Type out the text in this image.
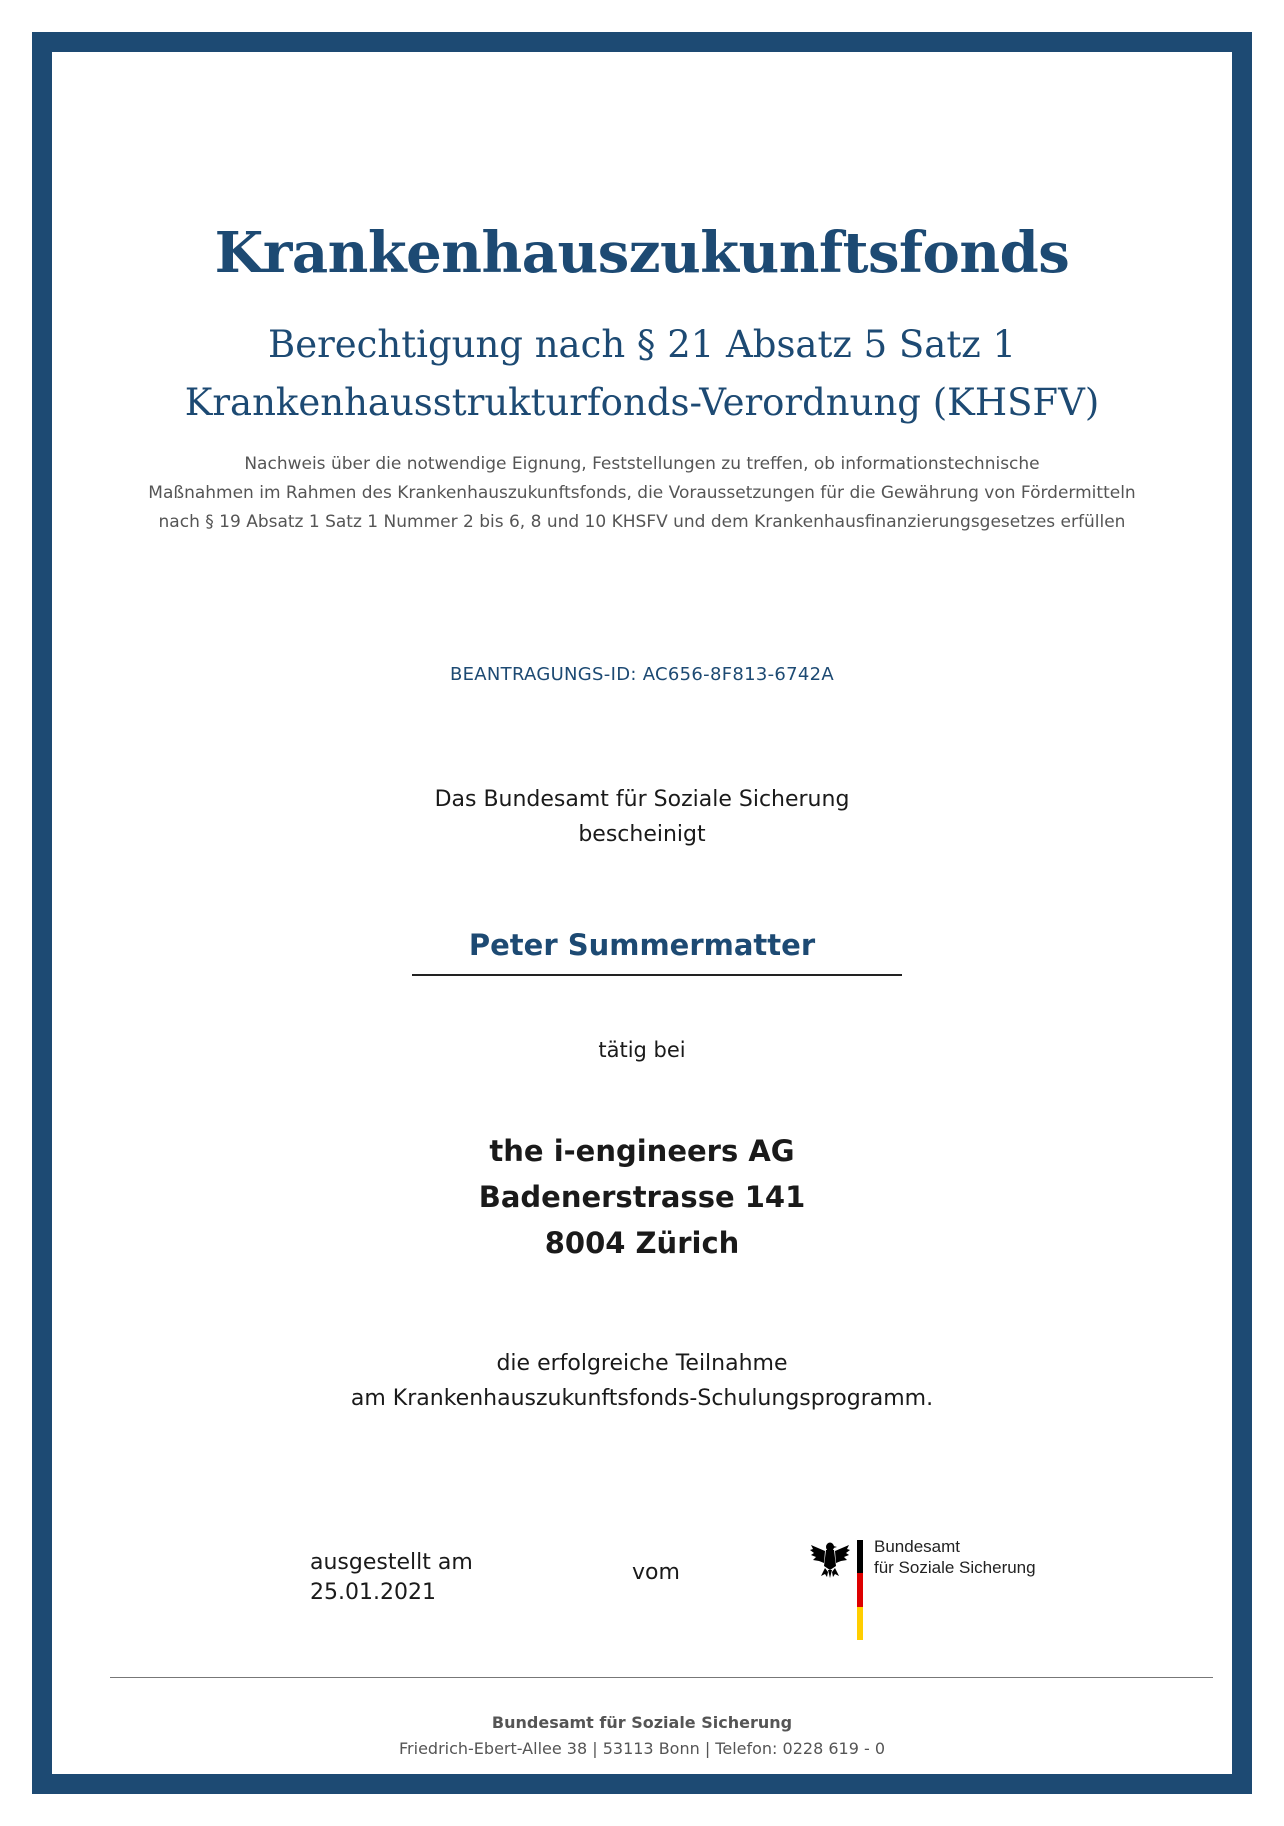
Krankenhauszukunftsfonds
Berechtigung nach § 21 Absatz 5 Satz 1
Krankenhausstrukturfonds-Verordnung (KHSFV)
Nachweis über die notwendige Eignung, Feststellungen zu treffen, ob informationstechnische
Maßnahmen im Rahmen des Krankenhauszukunftsfonds, die Voraussetzungen für die Gewährung von Fördermitteln
nach § 19 Absatz 1 Satz 1 Nummer 2 bis 6, 8 und 10 KHSFV und dem Krankenhausfinanzierungsgesetzes erfüllen
BEANTRAGUNGS-ID: AC656-8F813-6742A
Das Bundesamt für Soziale Sicherung
bescheinigt
Peter Summermatter
tätig bei
the i-engineers AG
Badenerstrasse 141
8004 Zürich
die erfolgreiche Teilnahme
am Krankenhauszukunftsfonds-Schulungsprogramm.
ausgestellt am
25.01.2021
vom
Bundesamt
für Soziale Sicherung
Bundesamt für Soziale Sicherung
Friedrich-Ebert-Allee 38 | 53113 Bonn | Telefon: 0228 619 - 0
